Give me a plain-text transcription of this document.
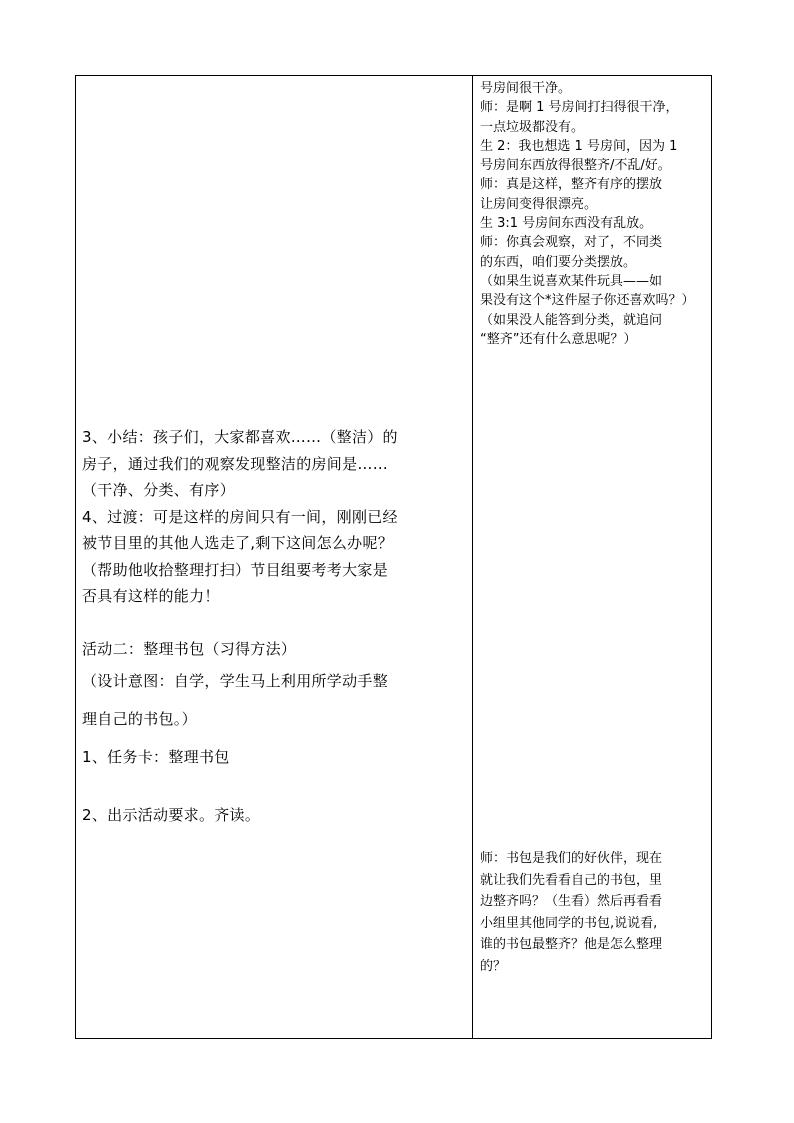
3、小结：孩子们，大家都喜欢……（整洁）的
房子，通过我们的观察发现整洁的房间是……
（干净、分类、有序）
4、过渡：可是这样的房间只有一间，刚刚已经
被节目里的其他人选走了,剩下这间怎么办呢？
（帮助他收拾整理打扫）节目组要考考大家是
否具有这样的能力！
活动二：整理书包（习得方法）
（设计意图：自学，学生马上利用所学动手整
理自己的书包。）
1、任务卡：整理书包
2、出示活动要求。齐读。
号房间很干净。
师：是啊 1 号房间打扫得很干净，
一点垃圾都没有。
生 2：我也想选 1 号房间，因为 1
号房间东西放得很整齐/不乱/好。
师：真是这样，整齐有序的摆放
让房间变得很漂亮。
生 3:1 号房间东西没有乱放。
师：你真会观察，对了，不同类
的东西，咱们要分类摆放。
（如果生说喜欢某件玩具——如
果没有这个*这件屋子你还喜欢吗？）
（如果没人能答到分类，就追问
“整齐”还有什么意思呢？）
师：书包是我们的好伙伴，现在
就让我们先看看自己的书包，里
边整齐吗？（生看）然后再看看
小组里其他同学的书包,说说看,
谁的书包最整齐？他是怎么整理
的？
